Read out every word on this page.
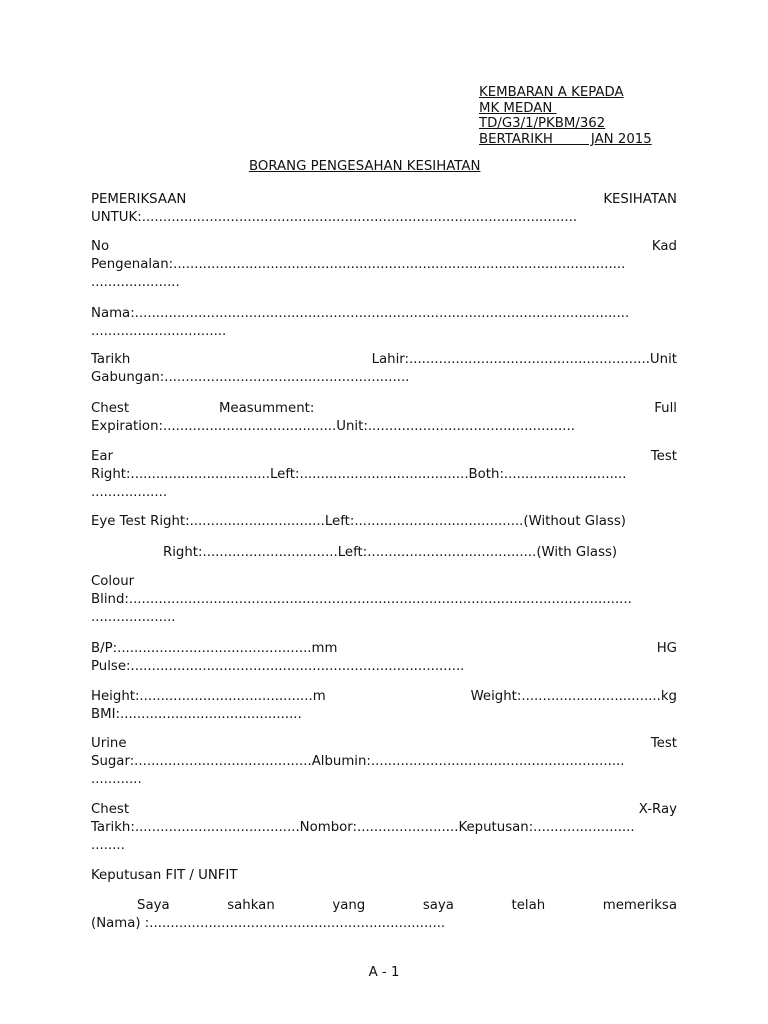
KEMBARAN A KEPADA
MK MEDAN
TD/G3/1/PKBM/362
BERTARIKH         JAN 2015
BORANG PENGESAHAN KESIHATAN
PEMERIKSAAN	KESIHATAN
UNTUK:.......................................................................................................
No	Kad
Pengenalan:...........................................................................................................
.....................
Nama:.....................................................................................................................
................................
Tarikh	Lahir:.........................................................Unit
Gabungan:..........................................................
Chest	Measumment:	Full
Expiration:.........................................Unit:.................................................
Ear	Test
Right:.................................Left:........................................Both:.............................
..................
Eye Test Right:................................Left:........................................(Without Glass)
Right:................................Left:........................................(With Glass)
Colour
Blind:.......................................................................................................................
....................
B/P:..............................................mm	HG
Pulse:...............................................................................
Height:.........................................m	Weight:.................................kg
BMI:...........................................
Urine	Test
Sugar:..........................................Albumin:............................................................
............
Chest	X-Ray
Tarikh:.......................................Nombor:........................Keputusan:........................
........
Keputusan FIT / UNFIT
Saya	sahkan	yang	saya	telah	memeriksa
(Nama) :......................................................................
A - 1
